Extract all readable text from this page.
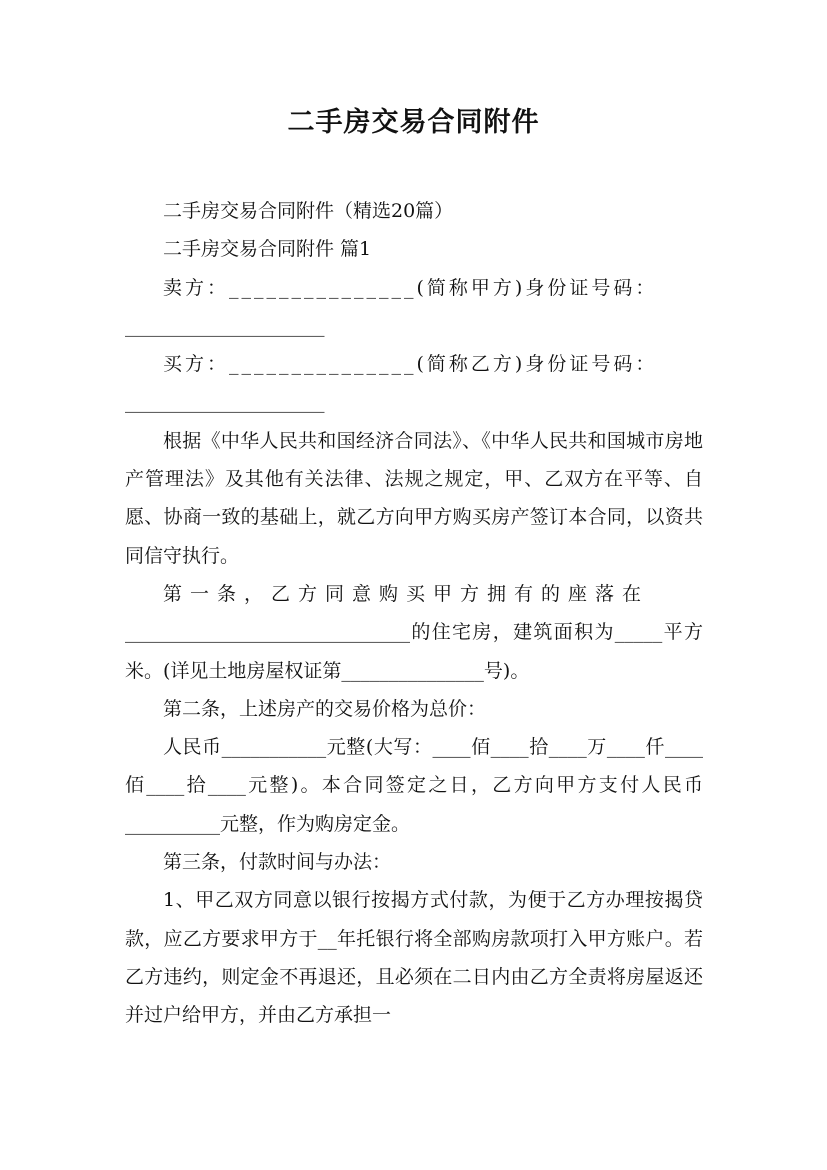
二手房交易合同附件

二手房交易合同附件（精选20篇）

二手房交易合同附件 篇1

卖方：_______________(简称甲方)身份证号码：

_____________________

买方：_______________(简称乙方)身份证号码：

_____________________

根据《中华人民共和国经济合同法》、《中华人民共和国城市房地产管理法》及其他有关法律、法规之规定，甲、乙双方在平等、自愿、协商一致的基础上，就乙方向甲方购买房产签订本合同，以资共同信守执行。

第一条，乙方同意购买甲方拥有的座落在

______________________________的住宅房，建筑面积为_____平方米。(详见土地房屋权证第_______________号)。

第二条，上述房产的交易价格为总价：

人民币___________元整(大写：____佰____拾____万____仟____佰____拾____元整)。本合同签定之日，乙方向甲方支付人民币__________元整，作为购房定金。

第三条，付款时间与办法：

1、甲乙双方同意以银行按揭方式付款，为便于乙方办理按揭贷款，应乙方要求甲方于__年托银行将全部购房款项打入甲方账户。若乙方违约，则定金不再退还，且必须在二日内由乙方全责将房屋返还并过户给甲方，并由乙方承担一
